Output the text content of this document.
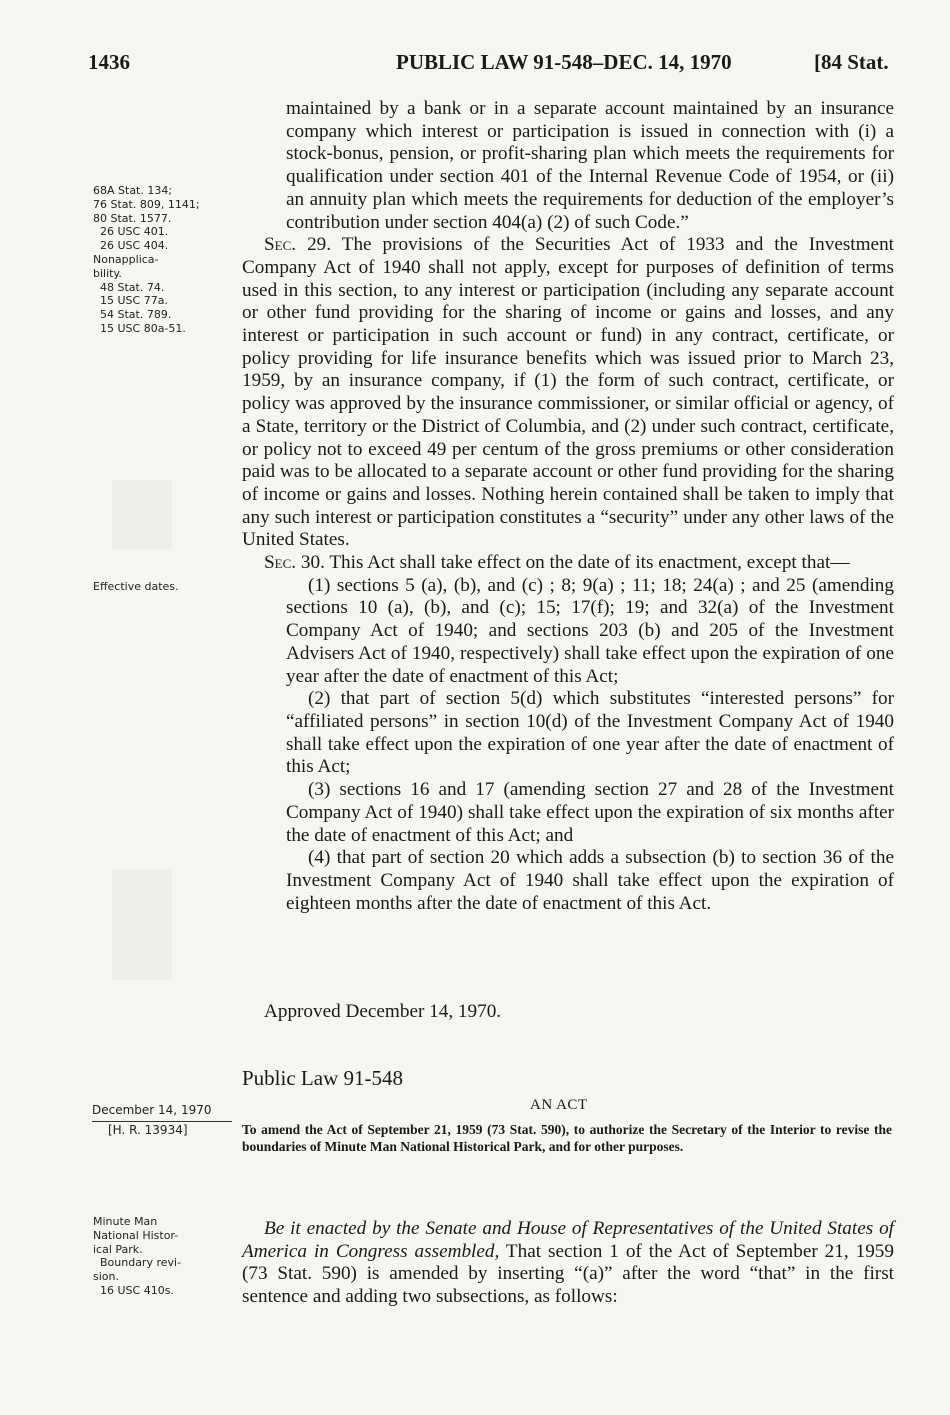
1436	PUBLIC LAW 91-548–DEC. 14, 1970	[84 Stat.
68A Stat. 134;
76 Stat. 809, 1141;
80 Stat. 1577.
26 USC 401.
26 USC 404.
Nonapplica-
bility.
48 Stat. 74.
15 USC 77a.
54 Stat. 789.
15 USC 80a-51.
Effective dates.

maintained by a bank or in a separate account maintained by an insurance company which interest or participation is issued in connection with (i) a stock-bonus, pension, or profit-sharing plan which meets the requirements for qualification under section 401 of the Internal Revenue Code of 1954, or (ii) an annuity plan which meets the requirements for deduction of the employer’s contribution under section 404(a) (2) of such Code.”

Sec. 29. The provisions of the Securities Act of 1933 and the Investment Company Act of 1940 shall not apply, except for purposes of definition of terms used in this section, to any interest or participation (including any separate account or other fund providing for the sharing of income or gains and losses, and any interest or participation in such account or fund) in any contract, certificate, or policy providing for life insurance benefits which was issued prior to March 23, 1959, by an insurance company, if (1) the form of such contract, certificate, or policy was approved by the insurance commissioner, or similar official or agency, of a State, territory or the District of Columbia, and (2) under such contract, certificate, or policy not to exceed 49 per centum of the gross premiums or other consideration paid was to be allocated to a separate account or other fund providing for the sharing of income or gains and losses. Nothing herein contained shall be taken to imply that any such interest or participation constitutes a “security” under any other laws of the United States.

Sec. 30. This Act shall take effect on the date of its enactment, except that—

(1) sections 5 (a), (b), and (c) ; 8; 9(a) ; 11; 18; 24(a) ; and 25 (amending sections 10 (a), (b), and (c); 15; 17(f); 19; and 32(a) of the Investment Company Act of 1940; and sections 203 (b) and 205 of the Investment Advisers Act of 1940, respectively) shall take effect upon the expiration of one year after the date of enactment of this Act;

(2) that part of section 5(d) which substitutes “interested persons” for “affiliated persons” in section 10(d) of the Investment Company Act of 1940 shall take effect upon the expiration of one year after the date of enactment of this Act;

(3) sections 16 and 17 (amending section 27 and 28 of the Investment Company Act of 1940) shall take effect upon the expiration of six months after the date of enactment of this Act; and

(4) that part of section 20 which adds a subsection (b) to section 36 of the Investment Company Act of 1940 shall take effect upon the expiration of eighteen months after the date of enactment of this Act.

Approved December 14, 1970.
Public Law 91-548
AN ACT
December 14, 1970
[H. R. 13934]	To amend the Act of September 21, 1959 (73 Stat. 590), to authorize the Secretary of the Interior to revise the boundaries of Minute Man National Historical Park, and for other purposes.
Minute Man
National Histor-
ical Park.
Boundary revi-
sion.
16 USC 410s.
Be it enacted by the Senate and House of Representatives of the United States of America in Congress assembled, That section 1 of the Act of September 21, 1959 (73 Stat. 590) is amended by inserting “(a)” after the word “that” in the first sentence and adding two subsections, as follows:
